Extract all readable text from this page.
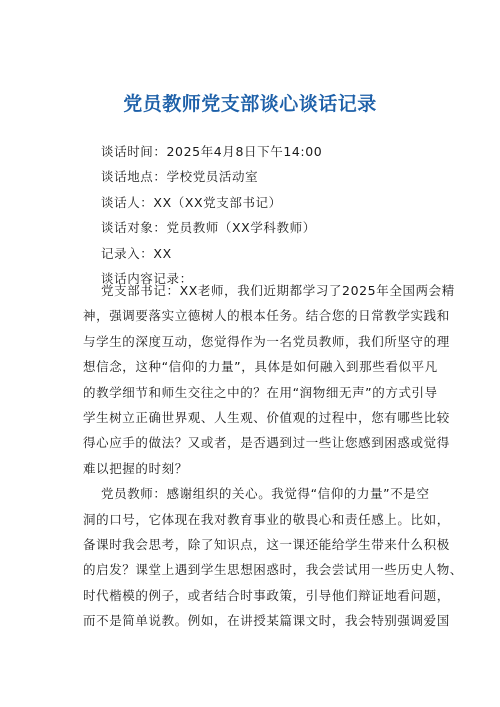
党员教师党支部谈心谈话记录
谈话时间：2025年4月8日下午14:00
谈话地点：学校党员活动室
谈话人：XX（XX党支部书记）
谈话对象：党员教师（XX学科教师）
记录入：XX
谈话内容记录：
党支部书记：XX老师，我们近期都学习了2025年全国两会精
神，强调要落实立德树人的根本任务。结合您的日常教学实践和
与学生的深度互动，您觉得作为一名党员教师，我们所坚守的理
想信念，这种“信仰的力量”，具体是如何融入到那些看似平凡
的教学细节和师生交往之中的？在用“润物细无声”的方式引导
学生树立正确世界观、人生观、价值观的过程中，您有哪些比较
得心应手的做法？又或者，是否遇到过一些让您感到困惑或觉得
难以把握的时刻？
党员教师：感谢组织的关心。我觉得“信仰的力量”不是空
洞的口号，它体现在我对教育事业的敬畏心和责任感上。比如，
备课时我会思考，除了知识点，这一课还能给学生带来什么积极
的启发？课堂上遇到学生思想困惑时，我会尝试用一些历史人物、
时代楷模的例子，或者结合时事政策，引导他们辩证地看问题，
而不是简单说教。例如，在讲授某篇课文时，我会特别强调爱国
